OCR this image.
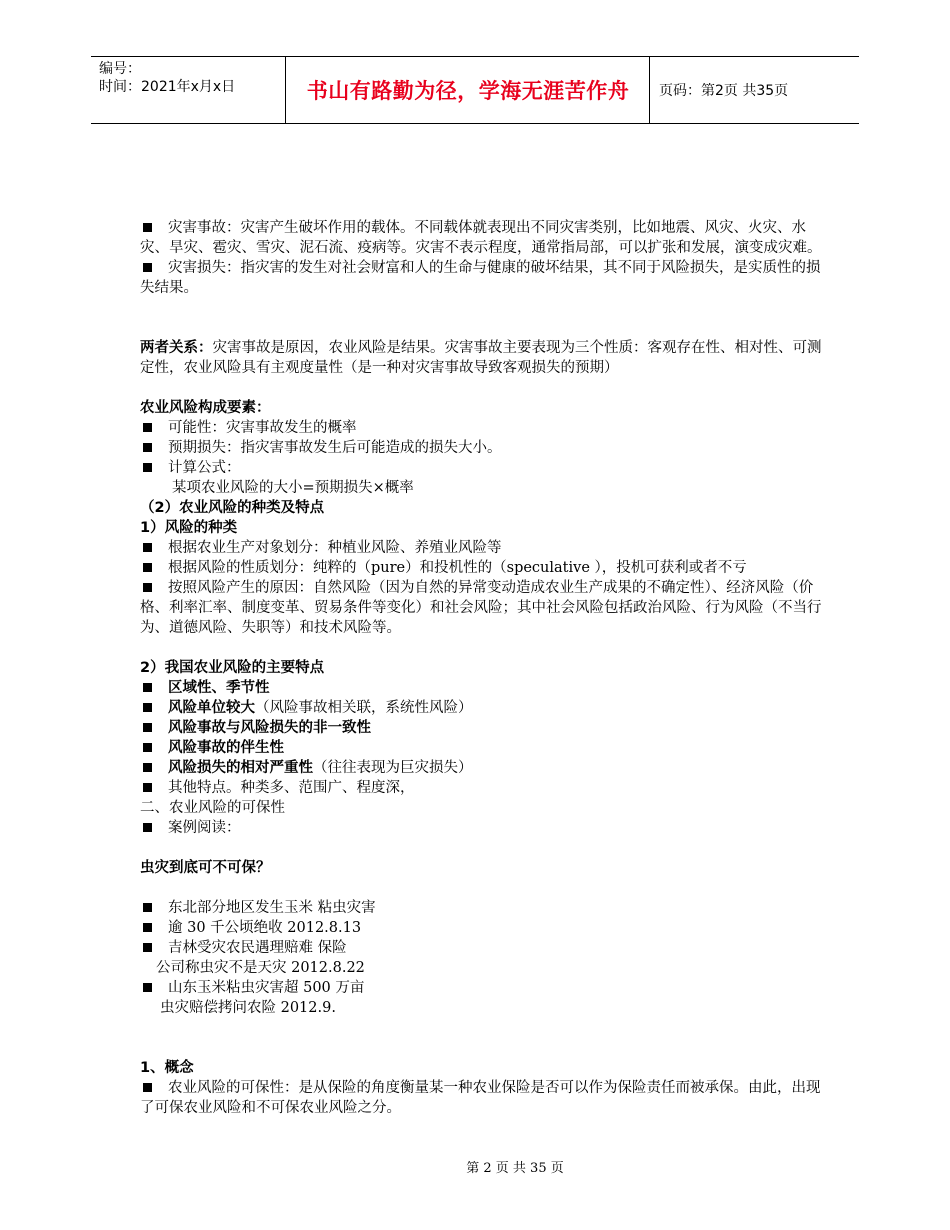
编号：
时间：2021年x月x日	书山有路勤为径，学海无涯苦作舟	页码：第2页 共35页

灾害事故：灾害产生破坏作用的载体。不同载体就表现出不同灾害类别，比如地震、风灾、火灾、水灾、旱灾、雹灾、雪灾、泥石流、疫病等。灾害不表示程度，通常指局部，可以扩张和发展，演变成灾难。

灾害损失：指灾害的发生对社会财富和人的生命与健康的破坏结果，其不同于风险损失，是实质性的损失结果。

两者关系：灾害事故是原因，农业风险是结果。灾害事故主要表现为三个性质：客观存在性、相对性、可测定性，农业风险具有主观度量性（是一种对灾害事故导致客观损失的预期）

农业风险构成要素：

可能性：灾害事故发生的概率

预期损失：指灾害事故发生后可能造成的损失大小。

计算公式：

某项农业风险的大小=预期损失×概率

（2）农业风险的种类及特点

1）风险的种类

根据农业生产对象划分：种植业风险、养殖业风险等

根据风险的性质划分：纯粹的（pure）和投机性的（speculative ），投机可获利或者不亏

按照风险产生的原因：自然风险（因为自然的异常变动造成农业生产成果的不确定性）、经济风险（价格、利率汇率、制度变革、贸易条件等变化）和社会风险；其中社会风险包括政治风险、行为风险（不当行为、道德风险、失职等）和技术风险等。

2）我国农业风险的主要特点

区域性、季节性

风险单位较大（风险事故相关联，系统性风险）

风险事故与风险损失的非一致性

风险事故的伴生性

风险损失的相对严重性（往往表现为巨灾损失）

其他特点。种类多、范围广、程度深，

二、农业风险的可保性

案例阅读：

虫灾到底可不可保？

东北部分地区发生玉米 粘虫灾害

逾 30 千公顷绝收 2012.8.13

吉林受灾农民遇理赔难 保险

公司称虫灾不是天灾 2012.8.22

山东玉米粘虫灾害超 500 万亩

虫灾赔偿拷问农险 2012.9.

1、概念

农业风险的可保性：是从保险的角度衡量某一种农业保险是否可以作为保险责任而被承保。由此，出现了可保农业风险和不可保农业风险之分。

第 2 页 共 35 页
